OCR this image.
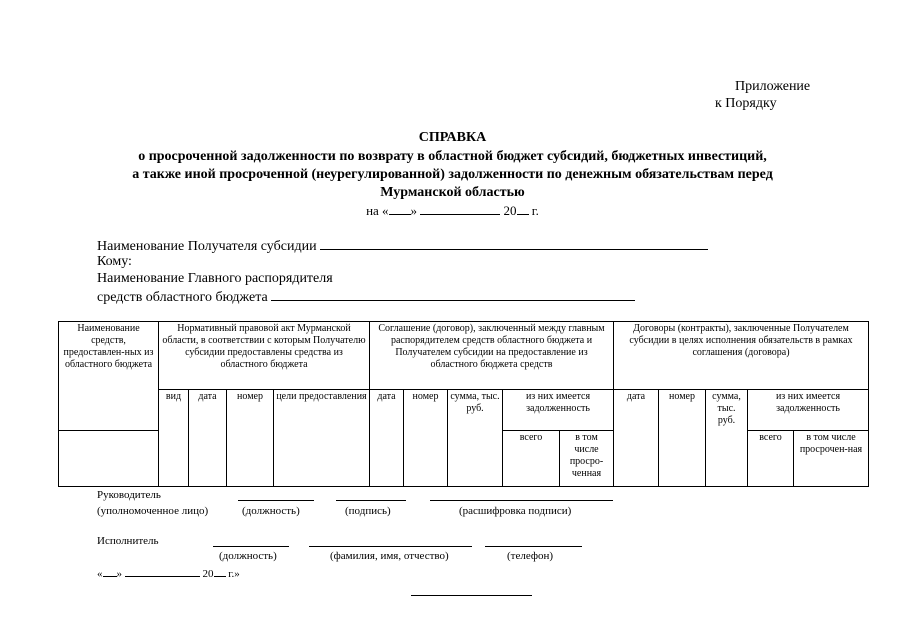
Приложение
к Порядку
СПРАВКА
о просроченной задолженности по возврату в областной бюджет субсидий, бюджетных инвестиций,
а также иной просроченной (неурегулированной) задолженности по денежным обязательствам перед
Мурманской областью
на « »	20 г.
Наименование Получателя субсидии
Кому:
Наименование Главного распорядителя
средств областного бюджета
Наименование средств, предоставлен-ных из областного бюджета	Нормативный правовой акт Мурманской области, в соответствии с которым Получателю субсидии предоставлены средства из областного бюджета				Соглашение (договор), заключенный между главным распорядителем средств областного бюджета и Получателем субсидии на предоставление из областного бюджета средств					Договоры (контракты), заключенные Получателем субсидии в целях исполнения обязательств в рамках соглашения (договора)				
	вид	дата	номер	цели предоставления	дата	номер	сумма, тыс. руб.	из них имеется задолженность		дата	номер	сумма, тыс. руб.	из них имеется задолженность	
								всего	в том числе просро-ченная				всего	в том числе просрочен-ная
Руководитель
(уполномоченное лицо)	(должность)	(подпись)	(расшифровка подписи)
Исполнитель
(должность)	(фамилия, имя, отчество)	(телефон)
« »	20 г.»
